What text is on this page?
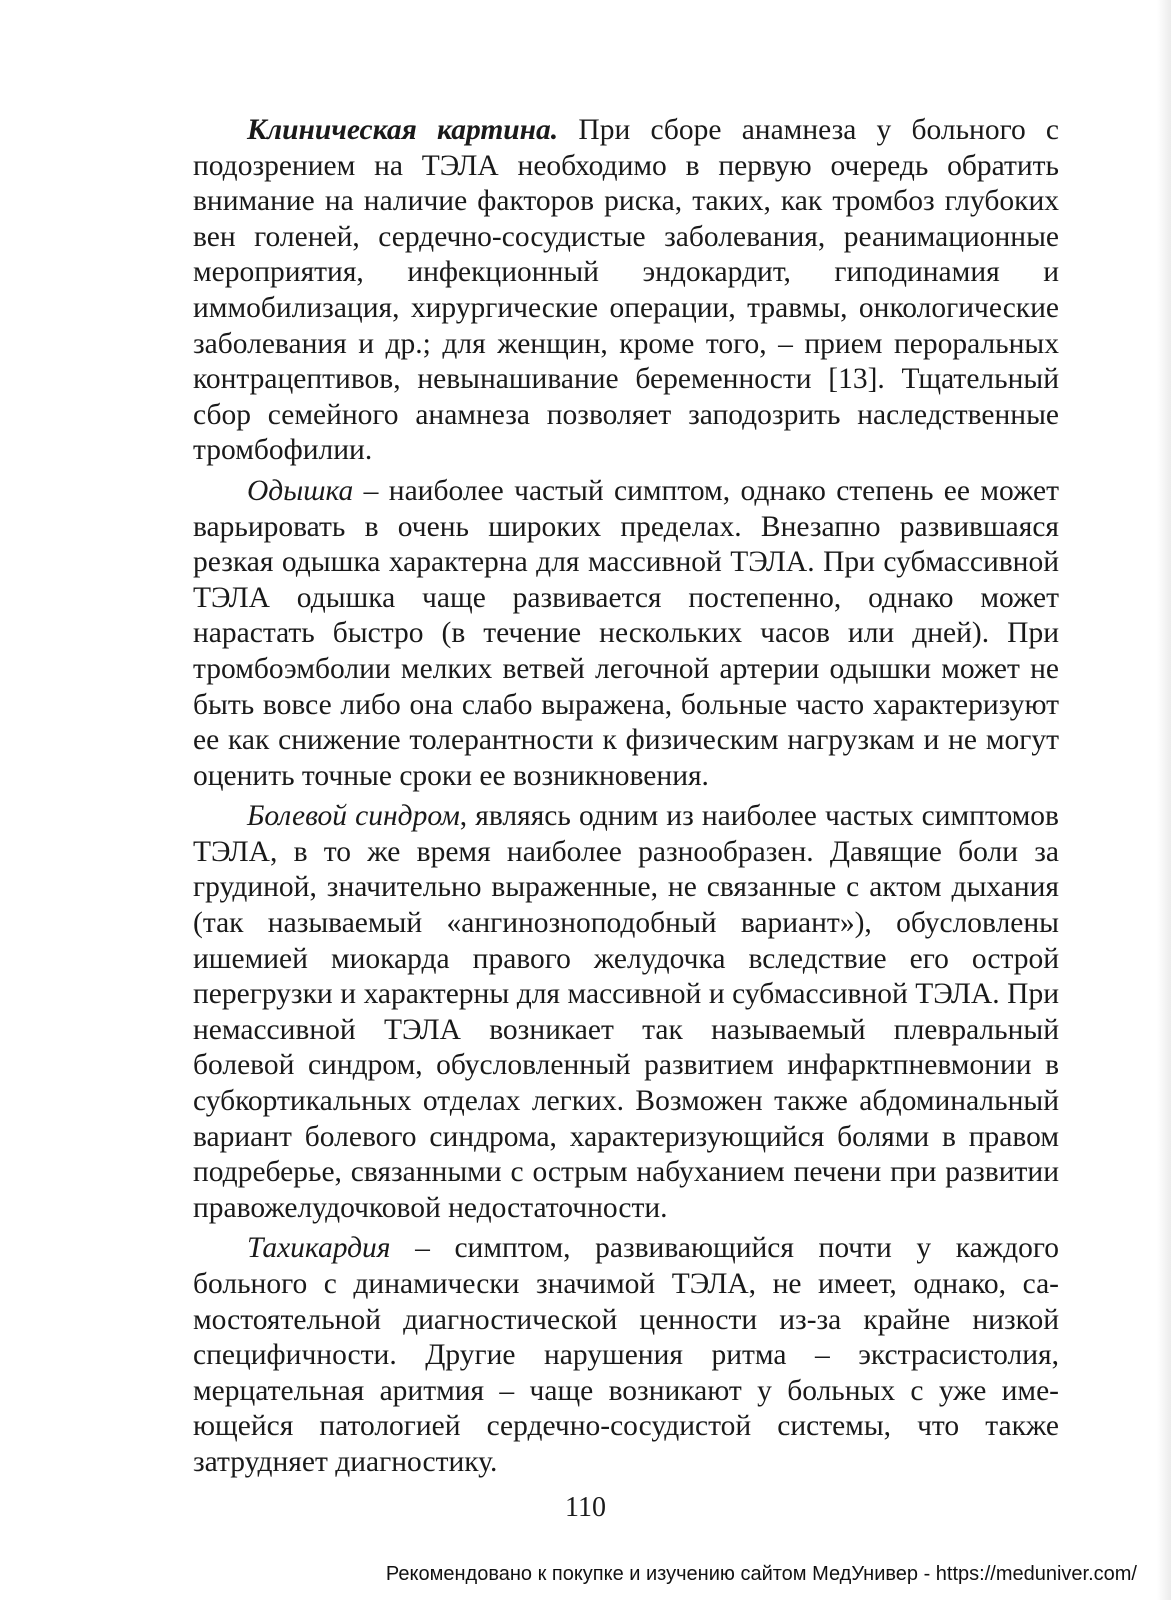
Клиническая картина. При сборе анамнеза у больного с подозрением на ТЭЛА необходимо в первую очередь обратить внимание на наличие факторов риска, таких, как тромбоз глубоких вен голеней, сердечно-сосудистые заболевания, реанимационные мероприятия, инфекционный эндокардит, гиподинамия и иммобилизация, хирургические операции, травмы, онкологические заболевания и др.; для женщин, кроме того, – прием пероральных контрацептивов, невынашивание беременности [13]. Тщательный сбор семейного анамнеза позволяет заподозрить наследственные тромбофилии.

Одышка – наиболее частый симптом, однако степень ее может варьировать в очень широких пределах. Внезапно развившаяся резкая одышка характерна для массивной ТЭЛА. При субмассивной ТЭЛА одышка чаще развивается постепенно, однако может нарастать быстро (в течение нескольких часов или дней). При тромбоэмболии мелких ветвей легочной артерии одышки может не быть вовсе либо она слабо выражена, больные часто характеризуют ее как снижение толерантности к физическим нагрузкам и не могут оценить точные сроки ее возникновения.

Болевой синдром, являясь одним из наиболее частых симптомов ТЭЛА, в то же время наиболее разнообразен. Давящие боли за грудиной, значительно выраженные, не связанные с актом дыхания (так называемый «ангинозноподобный вариант»), обусловлены ишемией миокарда правого желудочка вследствие его острой перегрузки и характерны для массивной и субмассивной ТЭЛА. При немассивной ТЭЛА возникает так называемый плевральный болевой синдром, обусловленный развитием инфарктпневмонии в субкортикальных отделах легких. Возможен также абдоминальный вариант болевого синдрома, характеризующийся болями в правом подреберье, связанными с острым набуханием печени при развитии правожелудочковой недостаточности.

Тахикардия – симптом, развивающийся почти у каждого больного с динамически значимой ТЭЛА, не имеет, однако, самостоятельной диагностической ценности из-за крайне низкой специфичности. Другие нарушения ритма – экстрасистолия, мерцательная аритмия – чаще возникают у больных с уже имеющейся патологией сердечно-сосудистой системы, что также затрудняет диагностику.

110
Рекомендовано к покупке и изучению сайтом МедУнивер - https://meduniver.com/
